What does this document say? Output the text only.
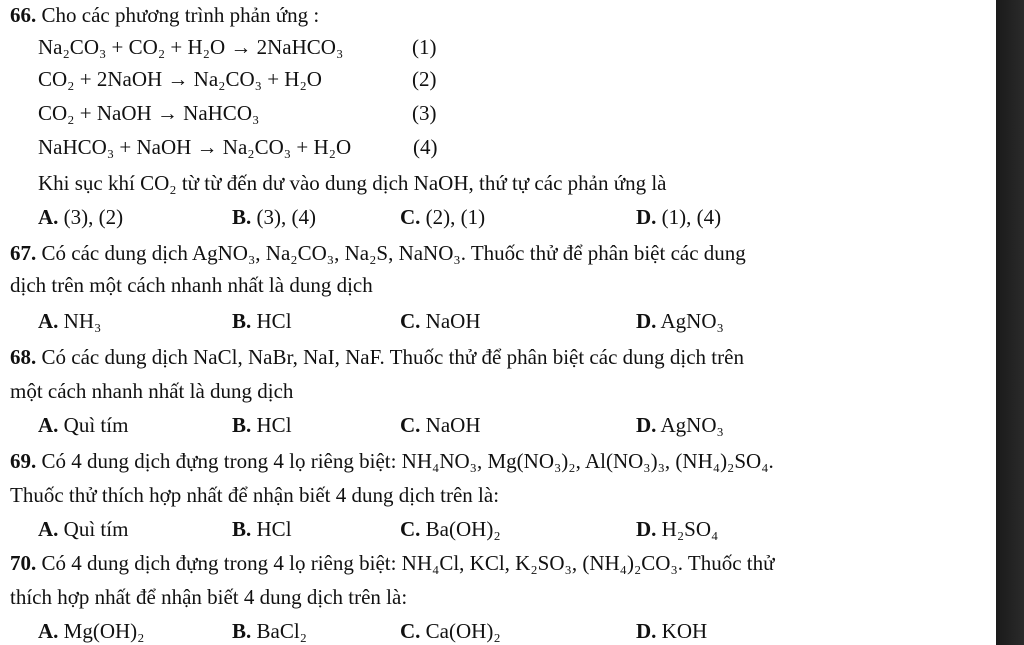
66. Cho các phương trình phản ứng :
Na₂CO₃ + CO₂ + H₂O → 2NaHCO₃	(1)
CO₂ + 2NaOH → Na₂CO₃ + H₂O	(2)
CO₂ + NaOH → NaHCO₃	(3)
NaHCO₃ + NaOH → Na₂CO₃ + H₂O	(4)
Khi sục khí CO₂ từ từ đến dư vào dung dịch NaOH, thứ tự các phản ứng là
A. (3), (2)	B. (3), (4)	C. (2), (1)	D. (1), (4)
67. Có các dung dịch AgNO₃, Na₂CO₃, Na₂S, NaNO₃. Thuốc thử để phân biệt các dung
dịch trên một cách nhanh nhất là dung dịch
A. NH₃	B. HCl	C. NaOH	D. AgNO₃
68. Có các dung dịch NaCl, NaBr, NaI, NaF. Thuốc thử để phân biệt các dung dịch trên
một cách nhanh nhất là dung dịch
A. Quì tím	B. HCl	C. NaOH	D. AgNO₃
69. Có 4 dung dịch đựng trong 4 lọ riêng biệt: NH₄NO₃, Mg(NO₃)₂, Al(NO₃)₃, (NH₄)₂SO₄.
Thuốc thử thích hợp nhất để nhận biết 4 dung dịch trên là:
A. Quì tím	B. HCl	C. Ba(OH)₂	D. H₂SO₄
70. Có 4 dung dịch đựng trong 4 lọ riêng biệt: NH₄Cl, KCl, K₂SO₃, (NH₄)₂CO₃. Thuốc thử
thích hợp nhất để nhận biết 4 dung dịch trên là:
A. Mg(OH)₂	B. BaCl₂	C. Ca(OH)₂	D. KOH
